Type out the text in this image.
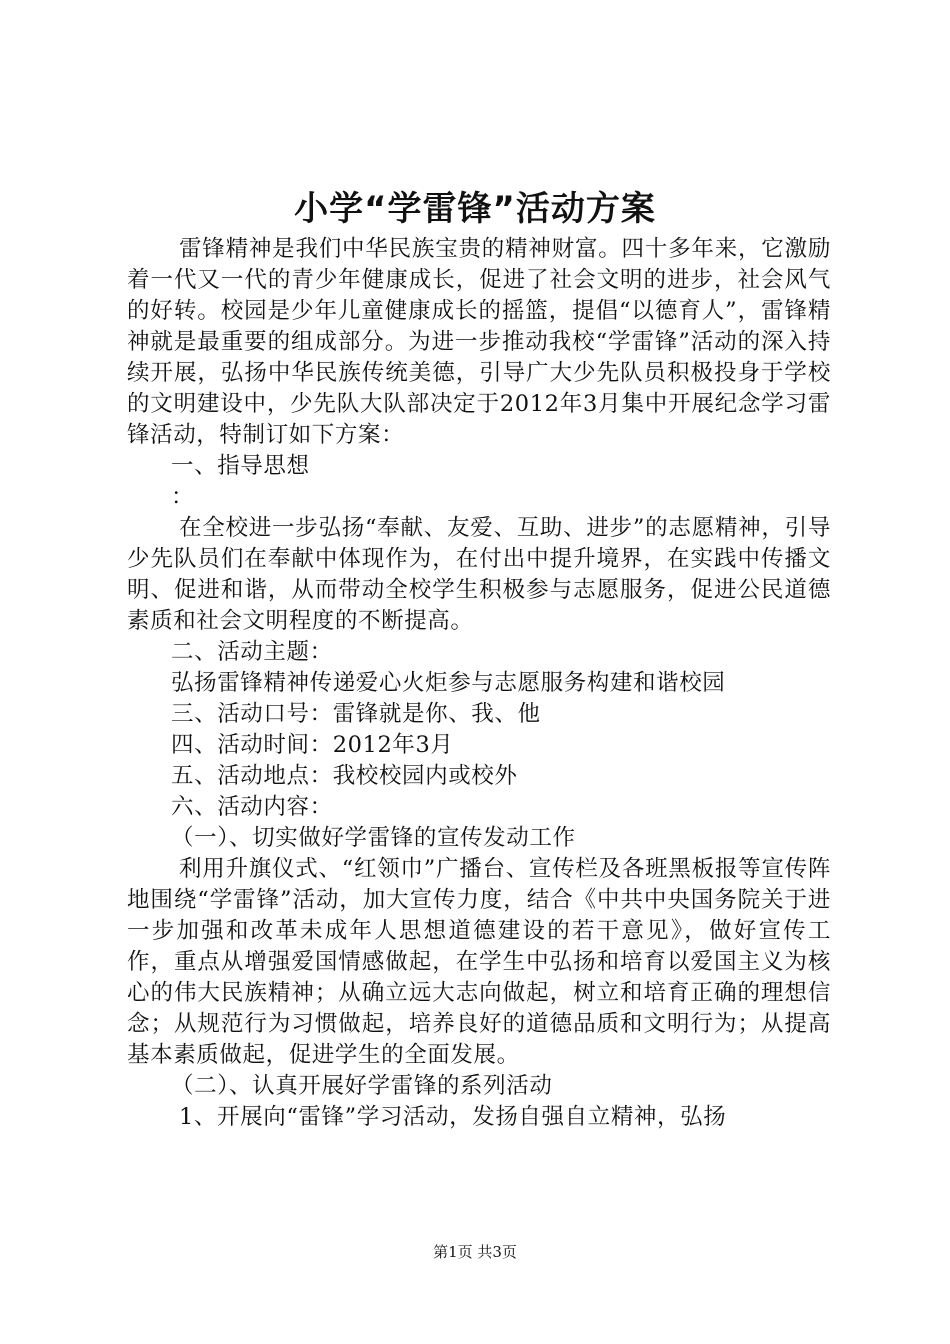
小学“学雷锋”活动方案

雷锋精神是我们中华民族宝贵的精神财富。四十多年来，它激励着一代又一代的青少年健康成长，促进了社会文明的进步，社会风气的好转。校园是少年儿童健康成长的摇篮，提倡“以德育人”，雷锋精神就是最重要的组成部分。为进一步推动我校“学雷锋”活动的深入持续开展，弘扬中华民族传统美德，引导广大少先队员积极投身于学校的文明建设中，少先队大队部决定于2012年3月集中开展纪念学习雷锋活动，特制订如下方案：

一、指导思想

：

在全校进一步弘扬“奉献、友爱、互助、进步”的志愿精神，引导少先队员们在奉献中体现作为，在付出中提升境界，在实践中传播文明、促进和谐，从而带动全校学生积极参与志愿服务，促进公民道德素质和社会文明程度的不断提高。

二、活动主题：

弘扬雷锋精神传递爱心火炬参与志愿服务构建和谐校园

三、活动口号：雷锋就是你、我、他

四、活动时间：2012年3月

五、活动地点：我校校园内或校外

六、活动内容：

（一）、切实做好学雷锋的宣传发动工作

利用升旗仪式、“红领巾”广播台、宣传栏及各班黑板报等宣传阵地围绕“学雷锋”活动，加大宣传力度，结合《中共中央国务院关于进一步加强和改革未成年人思想道德建设的若干意见》，做好宣传工作，重点从增强爱国情感做起，在学生中弘扬和培育以爱国主义为核心的伟大民族精神；从确立远大志向做起，树立和培育正确的理想信念；从规范行为习惯做起，培养良好的道德品质和文明行为；从提高基本素质做起，促进学生的全面发展。

（二）、认真开展好学雷锋的系列活动

1、开展向“雷锋”学习活动，发扬自强自立精神，弘扬

第1页 共3页
